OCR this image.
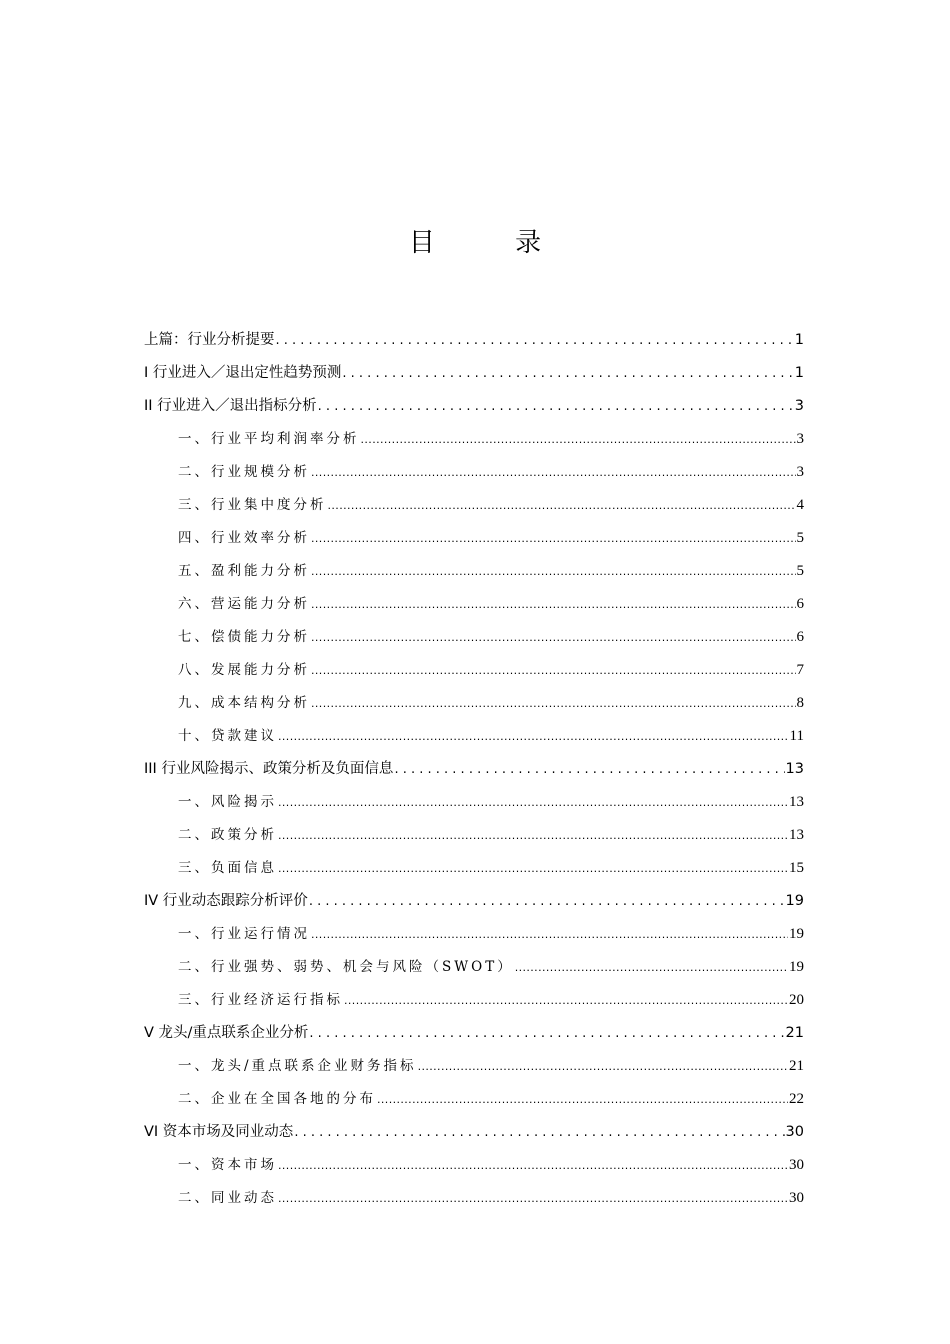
目 录
上篇：行业分析提要 . . .	1
I 行业进入／退出定性趋势预测 . . .	1
II 行业进入／退出指标分析 . . .	3
一、行业平均利润率分析 .....	3
二、行业规模分析 .....	3
三、行业集中度分析 .....	4
四、行业效率分析 .....	5
五、盈利能力分析 .....	5
六、营运能力分析 .....	6
七、偿债能力分析 .....	6
八、发展能力分析 .....	7
九、成本结构分析 .....	8
十、贷款建议 .....	11
III 行业风险揭示、政策分析及负面信息 . . .	13
一、风险揭示 .....	13
二、政策分析 .....	13
三、负面信息 .....	15
IV 行业动态跟踪分析评价 . . .	19
一、行业运行情况 .....	19
二、行业强势、弱势、机会与风险（SWOT） .....	19
三、行业经济运行指标 .....	20
V 龙头/重点联系企业分析 . . .	21
一、龙头/重点联系企业财务指标 .....	21
二、企业在全国各地的分布 .....	22
VI 资本市场及同业动态 . . .	30
一、资本市场 .....	30
二、同业动态 .....	30
